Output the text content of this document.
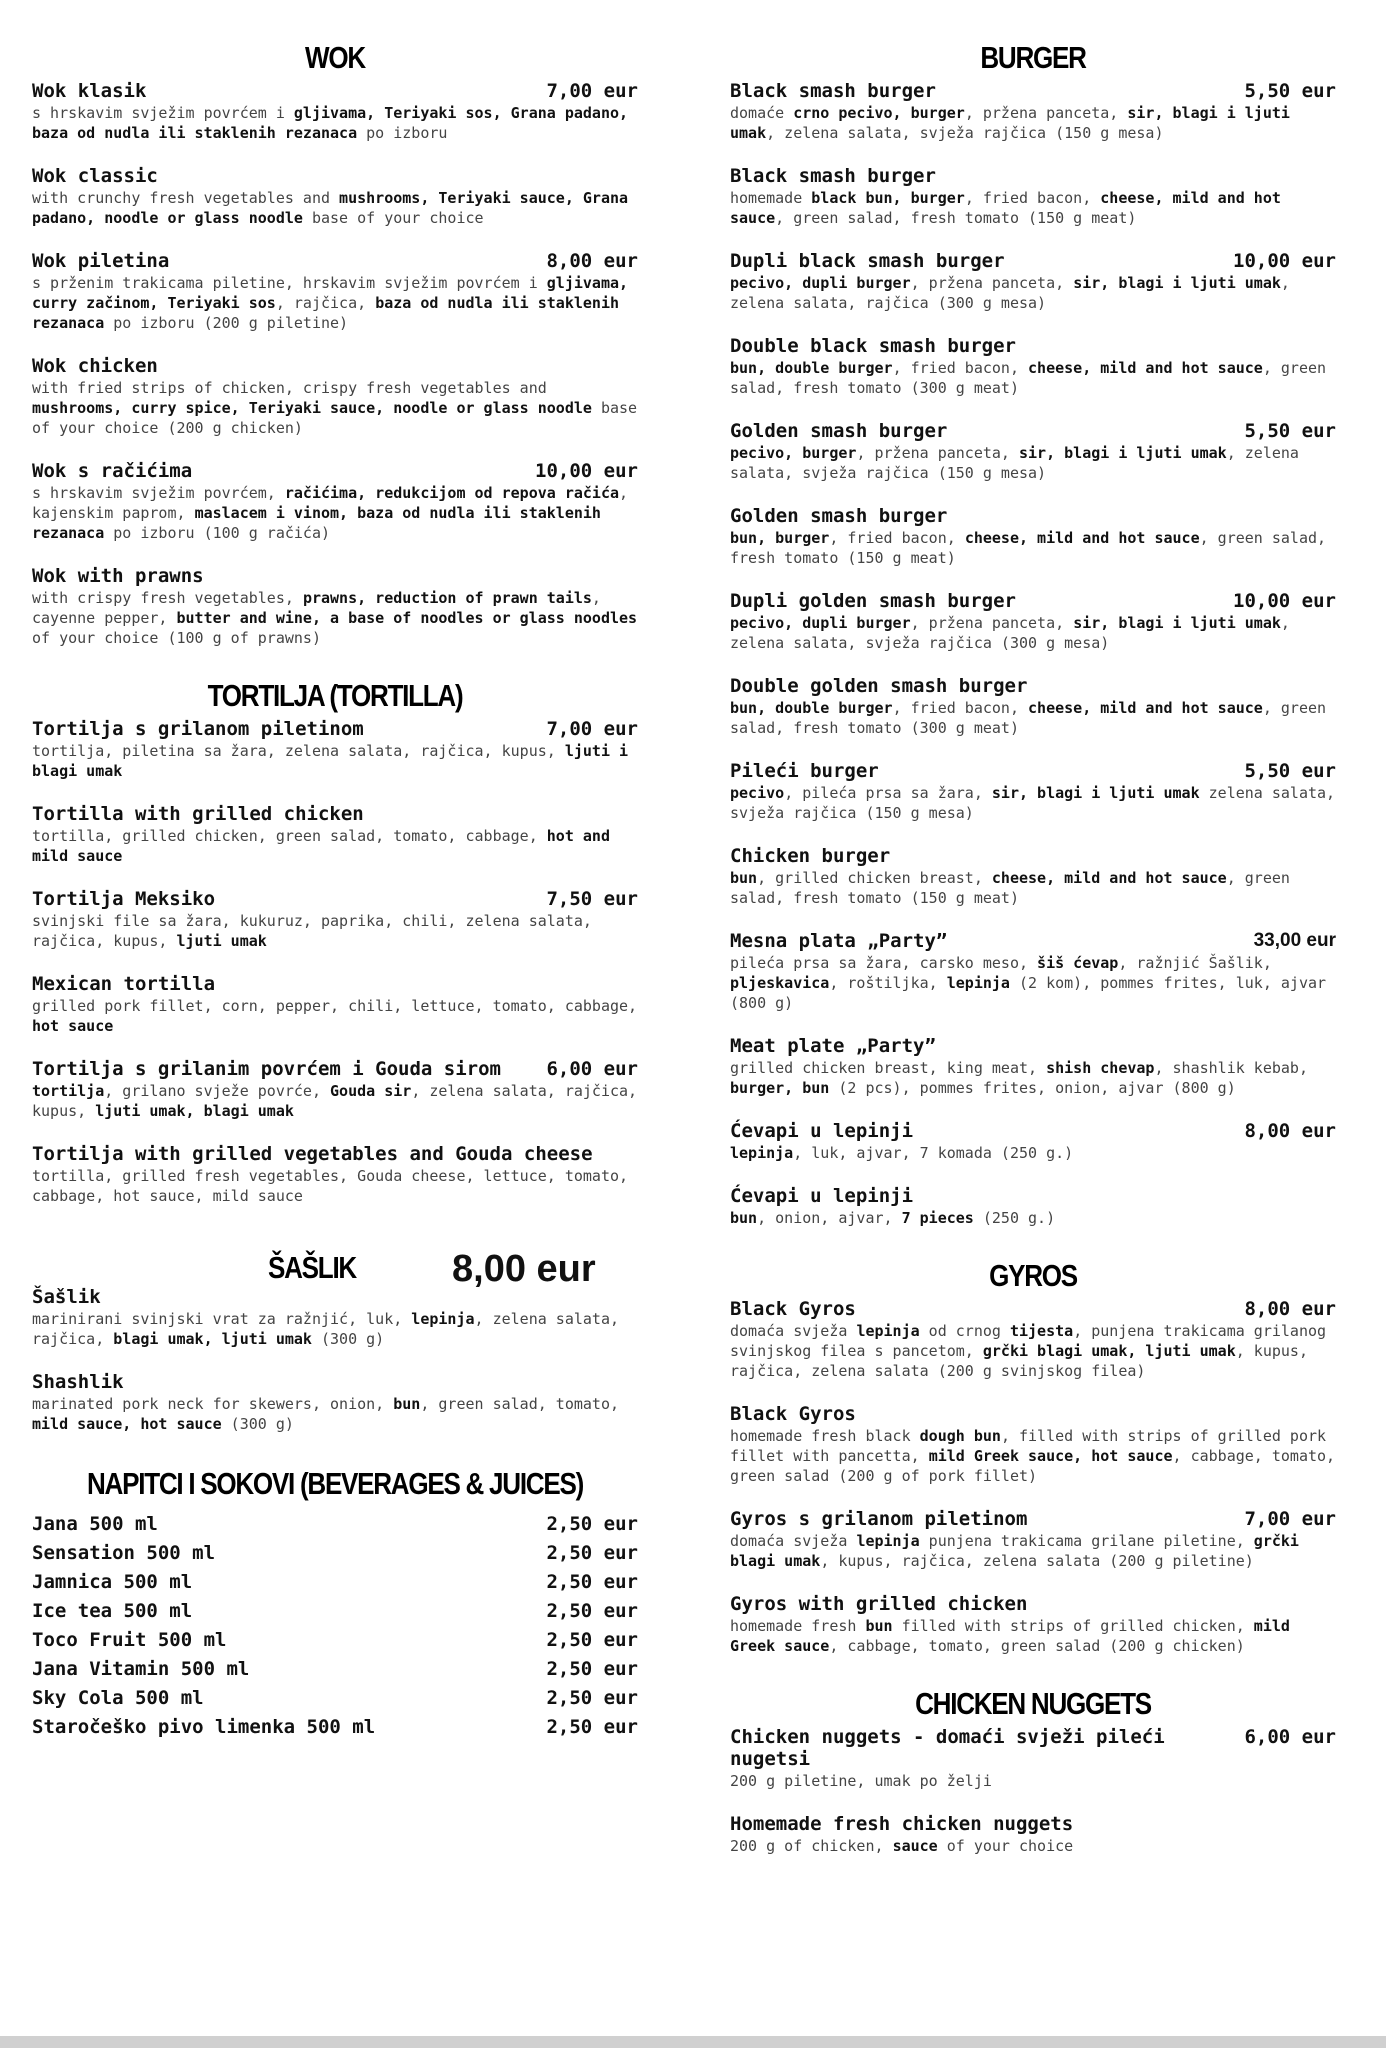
WOK
Wok klasik	7,00 eur
s hrskavim svježim povrćem i gljivama, Teriyaki sos, Grana padano, baza od nudla ili staklenih rezanaca po izboru
Wok classic
with crunchy fresh vegetables and mushrooms, Teriyaki sauce, Grana padano, noodle or glass noodle base of your choice
Wok piletina	8,00 eur
s prženim trakicama piletine, hrskavim svježim povrćem i gljivama, curry začinom, Teriyaki sos, rajčica, baza od nudla ili staklenih rezanaca po izboru (200 g piletine)
Wok chicken
with fried strips of chicken, crispy fresh vegetables and mushrooms, curry spice, Teriyaki sauce, noodle or glass noodle base of your choice (200 g chicken)
Wok s račićima	10,00 eur
s hrskavim svježim povrćem, račićima, redukcijom od repova račića, kajenskim paprom, maslacem i vinom, baza od nudla ili staklenih rezanaca po izboru (100 g račića)
Wok with prawns
with crispy fresh vegetables, prawns, reduction of prawn tails, cayenne pepper, butter and wine, a base of noodles or glass noodles of your choice (100 g of prawns)
TORTILJA (TORTILLA)
Tortilja s grilanom piletinom	7,00 eur
tortilja, piletina sa žara, zelena salata, rajčica, kupus, ljuti i blagi umak
Tortilla with grilled chicken
tortilla, grilled chicken, green salad, tomato, cabbage, hot and mild sauce
Tortilja Meksiko	7,50 eur
svinjski file sa žara, kukuruz, paprika, chili, zelena salata, rajčica, kupus, ljuti umak
Mexican tortilla
grilled pork fillet, corn, pepper, chili, lettuce, tomato, cabbage, hot sauce
Tortilja s grilanim povrćem i Gouda sirom	6,00 eur
tortilja, grilano svježe povrće, Gouda sir, zelena salata, rajčica, kupus, ljuti umak, blagi umak
Tortilja with grilled vegetables and Gouda cheese
tortilla, grilled fresh vegetables, Gouda cheese, lettuce, tomato, cabbage, hot sauce, mild sauce
ŠAŠLIK	8,00 eur
Šašlik
marinirani svinjski vrat za ražnjić, luk, lepinja, zelena salata, rajčica, blagi umak, ljuti umak (300 g)
Shashlik
marinated pork neck for skewers, onion, bun, green salad, tomato, mild sauce, hot sauce (300 g)
NAPITCI I SOKOVI (BEVERAGES & JUICES)
Jana 500 ml	2,50 eur
Sensation 500 ml	2,50 eur
Jamnica 500 ml	2,50 eur
Ice tea 500 ml	2,50 eur
Toco Fruit 500 ml	2,50 eur
Jana Vitamin 500 ml	2,50 eur
Sky Cola 500 ml	2,50 eur
Staročeško pivo limenka 500 ml	2,50 eur
BURGER
Black smash burger	5,50 eur
domaće crno pecivo, burger, pržena panceta, sir, blagi i ljuti umak, zelena salata, svježa rajčica (150 g mesa)
Black smash burger
homemade black bun, burger, fried bacon, cheese, mild and hot sauce, green salad, fresh tomato (150 g meat)
Dupli black smash burger	10,00 eur
pecivo, dupli burger, pržena panceta, sir, blagi i ljuti umak, zelena salata, rajčica (300 g mesa)
Double black smash burger
bun, double burger, fried bacon, cheese, mild and hot sauce, green salad, fresh tomato (300 g meat)
Golden smash burger	5,50 eur
pecivo, burger, pržena panceta, sir, blagi i ljuti umak, zelena salata, svježa rajčica (150 g mesa)
Golden smash burger
bun, burger, fried bacon, cheese, mild and hot sauce, green salad, fresh tomato (150 g meat)
Dupli golden smash burger	10,00 eur
pecivo, dupli burger, pržena panceta, sir, blagi i ljuti umak, zelena salata, svježa rajčica (300 g mesa)
Double golden smash burger
bun, double burger, fried bacon, cheese, mild and hot sauce, green salad, fresh tomato (300 g meat)
Pileći burger	5,50 eur
pecivo, pileća prsa sa žara, sir, blagi i ljuti umak zelena salata, svježa rajčica (150 g mesa)
Chicken burger
bun, grilled chicken breast, cheese, mild and hot sauce, green salad, fresh tomato (150 g meat)
Mesna plata „Party”	33,00 eur
pileća prsa sa žara, carsko meso, šiš ćevap, ražnjić Šašlik, pljeskavica, roštiljka, lepinja (2 kom), pommes frites, luk, ajvar (800 g)
Meat plate „Party”
grilled chicken breast, king meat, shish chevap, shashlik kebab, burger, bun (2 pcs), pommes frites, onion, ajvar (800 g)
Ćevapi u lepinji	8,00 eur
lepinja, luk, ajvar, 7 komada (250 g.)
Ćevapi u lepinji
bun, onion, ajvar, 7 pieces (250 g.)
GYROS
Black Gyros	8,00 eur
domaća svježa lepinja od crnog tijesta, punjena trakicama grilanog svinjskog filea s pancetom, grčki blagi umak, ljuti umak, kupus, rajčica, zelena salata (200 g svinjskog filea)
Black Gyros
homemade fresh black dough bun, filled with strips of grilled pork fillet with pancetta, mild Greek sauce, hot sauce, cabbage, tomato, green salad (200 g of pork fillet)
Gyros s grilanom piletinom	7,00 eur
domaća svježa lepinja punjena trakicama grilane piletine, grčki blagi umak, kupus, rajčica, zelena salata (200 g piletine)
Gyros with grilled chicken
homemade fresh bun filled with strips of grilled chicken, mild Greek sauce, cabbage, tomato, green salad (200 g chicken)
CHICKEN NUGGETS
Chicken nuggets - domaći svježi pileći nugetsi
6,00 eur
200 g piletine, umak po želji
Homemade fresh chicken nuggets
200 g of chicken, sauce of your choice
